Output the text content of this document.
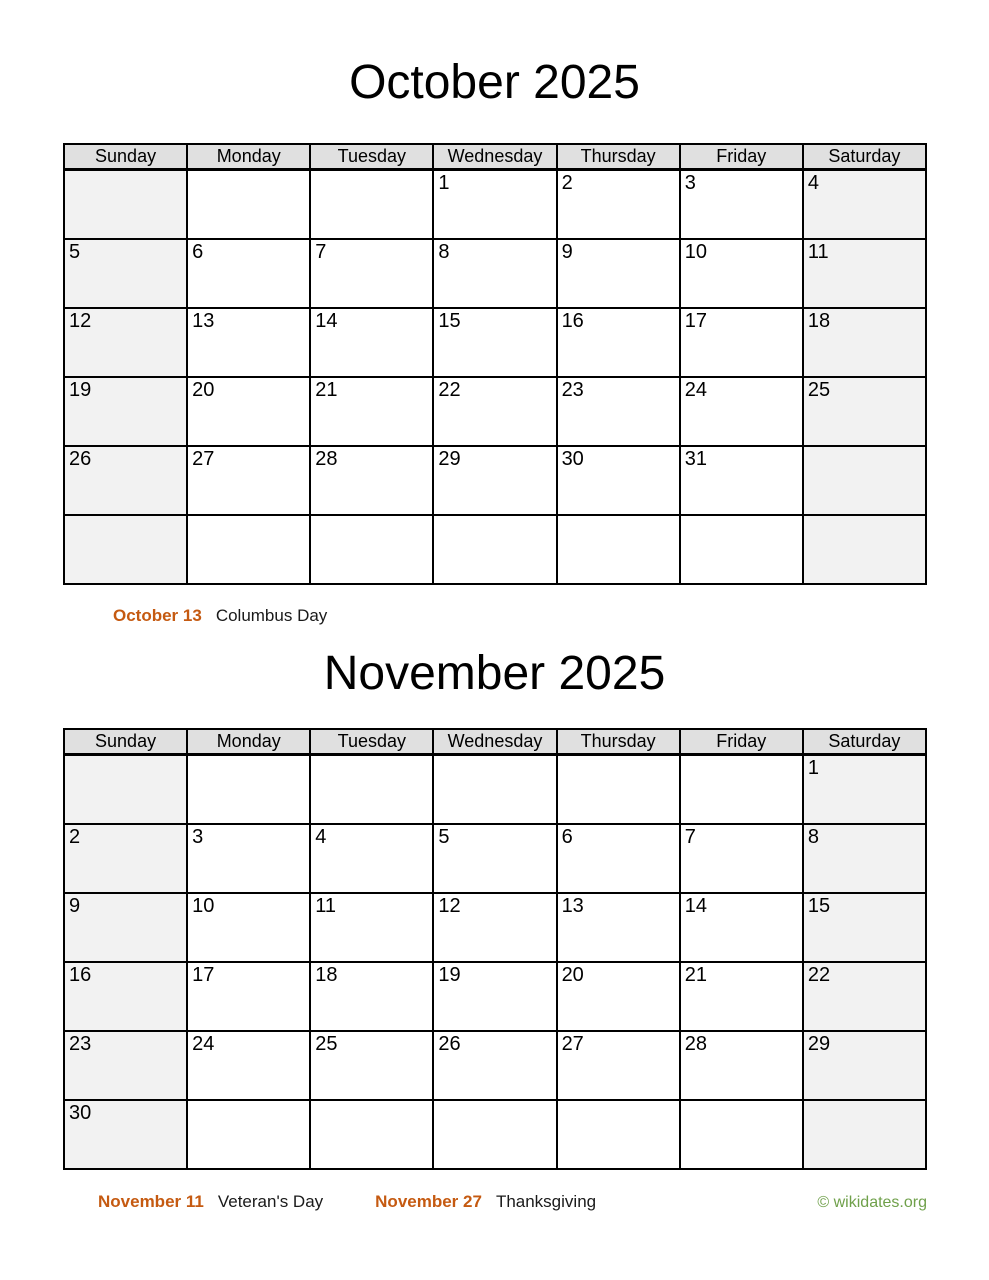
October 2025
Sunday	Monday	Tuesday	Wednesday	Thursday	Friday	Saturday
			1	2	3	4
5	6	7	8	9	10	11
12	13	14	15	16	17	18
19	20	21	22	23	24	25
26	27	28	29	30	31	

October 13 Columbus Day
November 2025
Sunday	Monday	Tuesday	Wednesday	Thursday	Friday	Saturday
						1
2	3	4	5	6	7	8
9	10	11	12	13	14	15
16	17	18	19	20	21	22
23	24	25	26	27	28	29
30						
November 11 Veteran's Day	November 27 Thanksgiving	© wikidates.org
